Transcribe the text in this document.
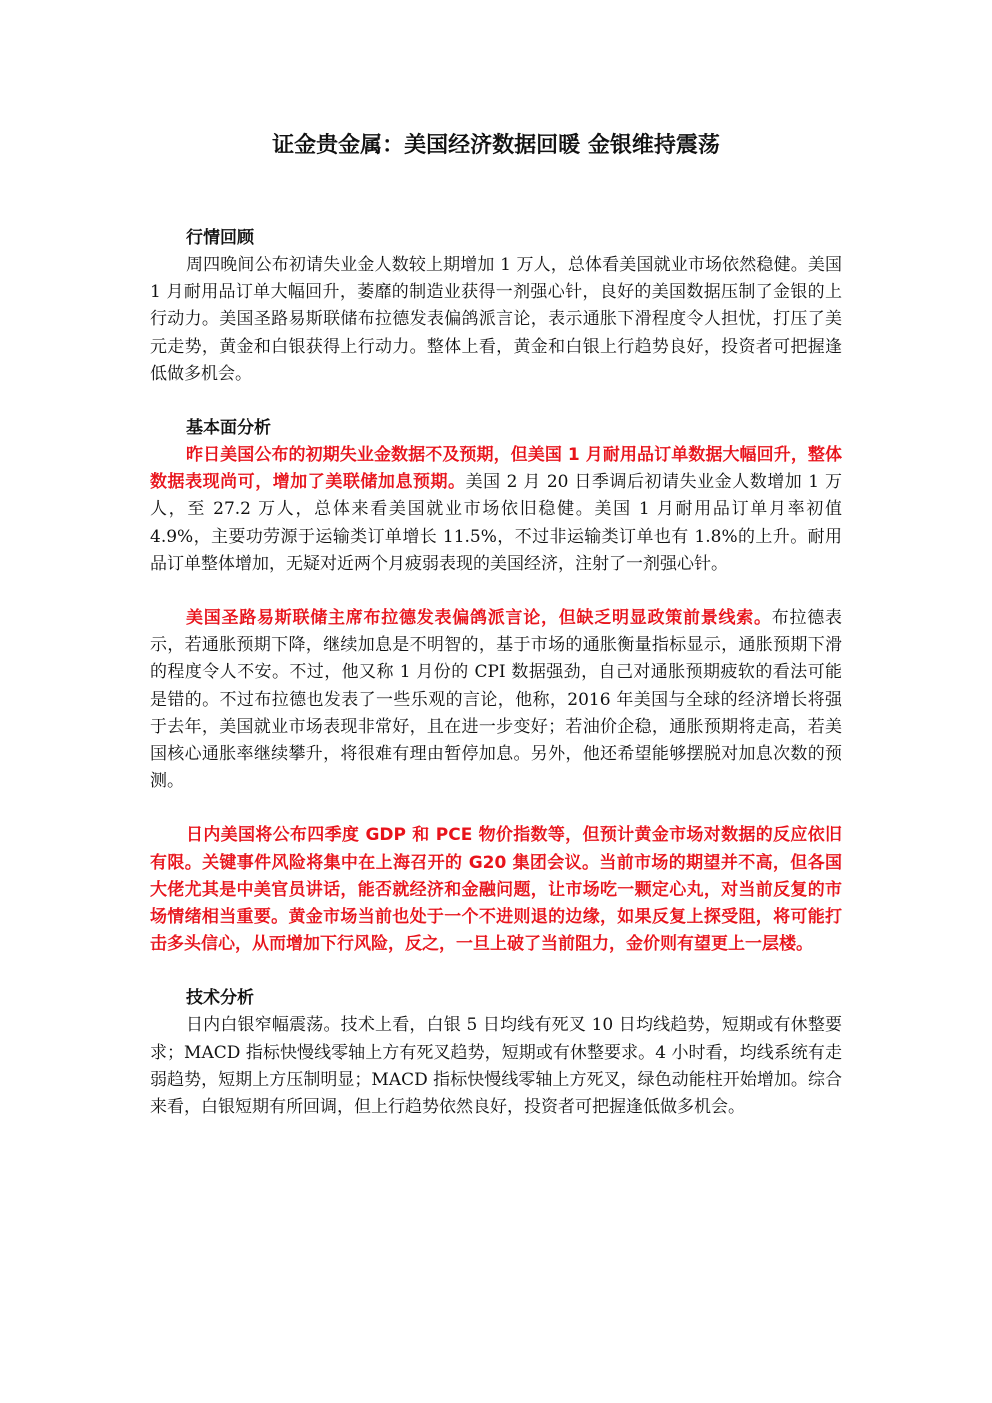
证金贵金属：美国经济数据回暖 金银维持震荡
行情回顾

周四晚间公布初请失业金人数较上期增加 1 万人，总体看美国就业市场依然稳健。美国 1 月耐用品订单大幅回升，萎靡的制造业获得一剂强心针，良好的美国数据压制了金银的上行动力。美国圣路易斯联储布拉德发表偏鸽派言论，表示通胀下滑程度令人担忧，打压了美元走势，黄金和白银获得上行动力。整体上看，黄金和白银上行趋势良好，投资者可把握逢低做多机会。

基本面分析

昨日美国公布的初期失业金数据不及预期，但美国 1 月耐用品订单数据大幅回升，整体数据表现尚可，增加了美联储加息预期。美国 2 月 20 日季调后初请失业金人数增加 1 万人，至 27.2 万人，总体来看美国就业市场依旧稳健。美国 1 月耐用品订单月率初值 4.9%，主要功劳源于运输类订单增长 11.5%，不过非运输类订单也有 1.8%的上升。耐用品订单整体增加，无疑对近两个月疲弱表现的美国经济，注射了一剂强心针。

美国圣路易斯联储主席布拉德发表偏鸽派言论，但缺乏明显政策前景线索。布拉德表示，若通胀预期下降，继续加息是不明智的，基于市场的通胀衡量指标显示，通胀预期下滑的程度令人不安。不过，他又称 1 月份的 CPI 数据强劲，自己对通胀预期疲软的看法可能是错的。不过布拉德也发表了一些乐观的言论，他称，2016 年美国与全球的经济增长将强于去年，美国就业市场表现非常好，且在进一步变好；若油价企稳，通胀预期将走高，若美国核心通胀率继续攀升，将很难有理由暂停加息。另外，他还希望能够摆脱对加息次数的预测。

日内美国将公布四季度 GDP 和 PCE 物价指数等，但预计黄金市场对数据的反应依旧有限。关键事件风险将集中在上海召开的 G20 集团会议。当前市场的期望并不高，但各国大佬尤其是中美官员讲话，能否就经济和金融问题，让市场吃一颗定心丸，对当前反复的市场情绪相当重要。黄金市场当前也处于一个不进则退的边缘，如果反复上探受阻，将可能打击多头信心，从而增加下行风险，反之，一旦上破了当前阻力，金价则有望更上一层楼。

技术分析

日内白银窄幅震荡。技术上看，白银 5 日均线有死叉 10 日均线趋势，短期或有休整要求；MACD 指标快慢线零轴上方有死叉趋势，短期或有休整要求。4 小时看，均线系统有走弱趋势，短期上方压制明显；MACD 指标快慢线零轴上方死叉，绿色动能柱开始增加。综合来看，白银短期有所回调，但上行趋势依然良好，投资者可把握逢低做多机会。
